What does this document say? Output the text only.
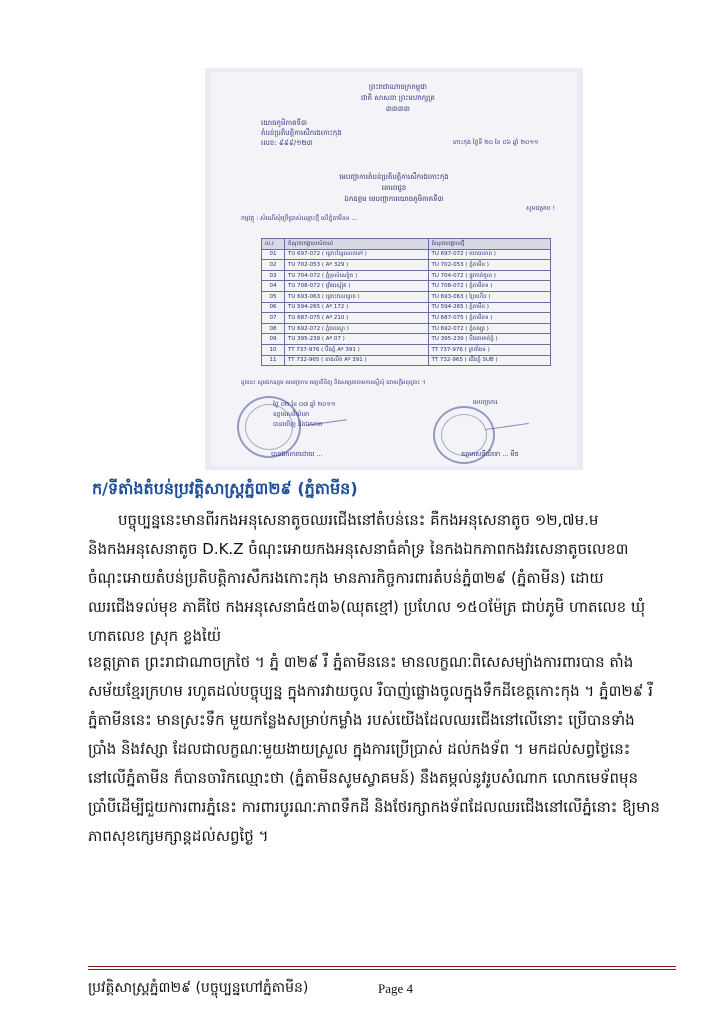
ព្រះរាជាណាចក្រកម្ពុជា
ជាតិ សាសនា ព្រះមហាក្សត្រ
៣៣៣៣
យោធភូមិភាគទី៣
តំបន់ប្រតិបត្តិការសឹករងកោះកុង
លេខ: ៩៩៩/១២៣	កោះកុង ថ្ងៃទី ២០ ខែ ០៦ ឆ្នាំ ២០១១
មេបញ្ជាការតំបន់ប្រតិបត្តិការសឹករងកោះកុង
គោរពជូន
ឯកឧត្តម មេបញ្ជាការយោធភូមិភាគទី៣
សូមជម្រាប !
កម្មវត្ថុ : សំណើសុំប្រើប្រាស់ឈ្មោះថ្មី លើភ្នំតាមីនទ ...
ល.រ	ចំណុចបង្គោលសំគាល់	ចំណុចបង្គោលថ្មី
01	TU 697-072 ( ព្រោះខ្សែលោកទៅ )	TU 697-072 ( យោធាភាព )
02	TU 702-053 ( Aº 329 )	TU 702-053 ( ភ្នំតាមីន )
03	TU 704-072 ( ភ្នំទ្រសំណៀត )	TU 704-072 ( ផ្លូវកាត់ចូល )
04	TU 708-072 ( ផ្ទាំងស្មៀត )	TU 708-072 ( ភ្នំតាមីនទ )
05	TU 693-063 ( ព្រោះវាលខ្សាច )	TU 693-063 ( ព្រៃហើប )
06	TU 594-265 ( Aº 172 )	TU 594-265 ( ភ្នំតាមីន )
07	TU 687-075 ( Aº 210 )	TU 687-075 ( ភ្នំតាមីនទ )
08	TU 692-072 ( ភ្នំជលស្វា )	TU 692-072 ( ភ្នំសម្បូរ )
09	TU 395-239 ( Aº 07 )	TU 395-239 ( បឹងរោមាត់ភ្នំ )
10	TT 737-976 ( បឹងភ្នំ Aº 391 )	TT 737-976 ( ត្រពាំងទ )
11	TT 732-965 ( ខាងលិច Aº 391 )	TT 732-965 ( ជើងភ្នំ SUB )
ដូចនេះ សូមឯកឧត្តម មេបញ្ជាការ មេត្តាពិនិត្យ និងសម្រេចតាមការស្នើសុំ ដោយក្តីអនុគ្រោះ ។
ថ្ងៃ ០២ ខែ ០៧ ឆ្នាំ ២០១១
ឧត្តមសេនីយ៍ទោ
បានឃើញ និងឯកភាព
មេបញ្ជាការ
បានឯកភាពដោយ ...	ឧត្តមសេនីយ៍ទោ ... មីន
ក/ទីតាំងតំបន់ប្រវត្តិសាស្ត្រភ្នំ៣២៩ (ភ្នំតាមីន)
បច្ចុប្បន្ននេះមានពីរកងអនុសេនាតូចឈរជើងនៅតំបន់នេះ គឺកងអនុសេនាតូច ១២,៧ម.ម និងកងអនុសេនាតូច D.K.Z ចំណុះអោយកងអនុសេនាធំគាំទ្រ នៃកងឯកភាពកងវរសេនាតូចលេខ៣ ចំណុះអោយតំបន់ប្រតិបត្តិការសឹករងកោះកុង មានភារកិច្ចការពារតំបន់ភ្នំ៣២៩ (ភ្នំតាមីន) ដោយឈរជើងទល់មុខ ភាគីថៃ កងអនុសេនាធំ៥៣៦(ឈុតខ្មៅ) ប្រហែល ១៥០ម៉ែត្រ ជាប់ភូមិ ហាតលេខ ឃុំ ហាតលេខ ស្រុក ខ្លងយ៉ៃ
ខេត្តត្រាត ព្រះរាជាណាចក្រថៃ ។ ភ្នំ ៣២៩ រឺ ភ្នំតាមីននេះ មានលក្ខណៈពិសេសម្យ៉ាងការពារបាន តាំងសម័យខ្មែរក្រហម រហូតដល់បច្ចុប្បន្ន ក្នុងការវាយចូល រឺបាញ់ផ្លោងចូលក្នុងទឹកដីខេត្តកោះកុង ។ ភ្នំ៣២៩ រឺ ភ្នំតាមីននេះ មានស្រះទឹក មួយកន្លែងសម្រាប់កម្លាំង របស់យើងដែលឈរជើងនៅលើនោះ ប្រើបានទាំងប្រាំង និងវស្សា ដែលជាលក្ខណៈមួយងាយស្រួល ក្នុងការប្រើប្រាស់ ដល់កងទ័ព ។ មកដល់សព្វថ្ងៃនេះ នៅលើភ្នំតាមីន ក៏បានចារិកឈ្មោះថា (ភ្នំតាមីនសូមស្វាគមន៍) នឹងតម្កល់នូវរូបសំណាក លោកមេទ័ពមុនប្រាំបីដើម្បីជួយការពារភ្នំនេះ ការពារបូរណៈភាពទឹកដី និងថែរក្សាកងទ័ពដែលឈរជើងនៅលើភ្នំនោះ ឱ្យមានភាពសុខក្សេមក្សាន្តដល់សព្វថ្ងៃ ។
ប្រវត្តិសាស្ត្រភ្នំ៣២៩ (បច្ចុប្បន្នហៅភ្នំតាមីន)	Page 4
